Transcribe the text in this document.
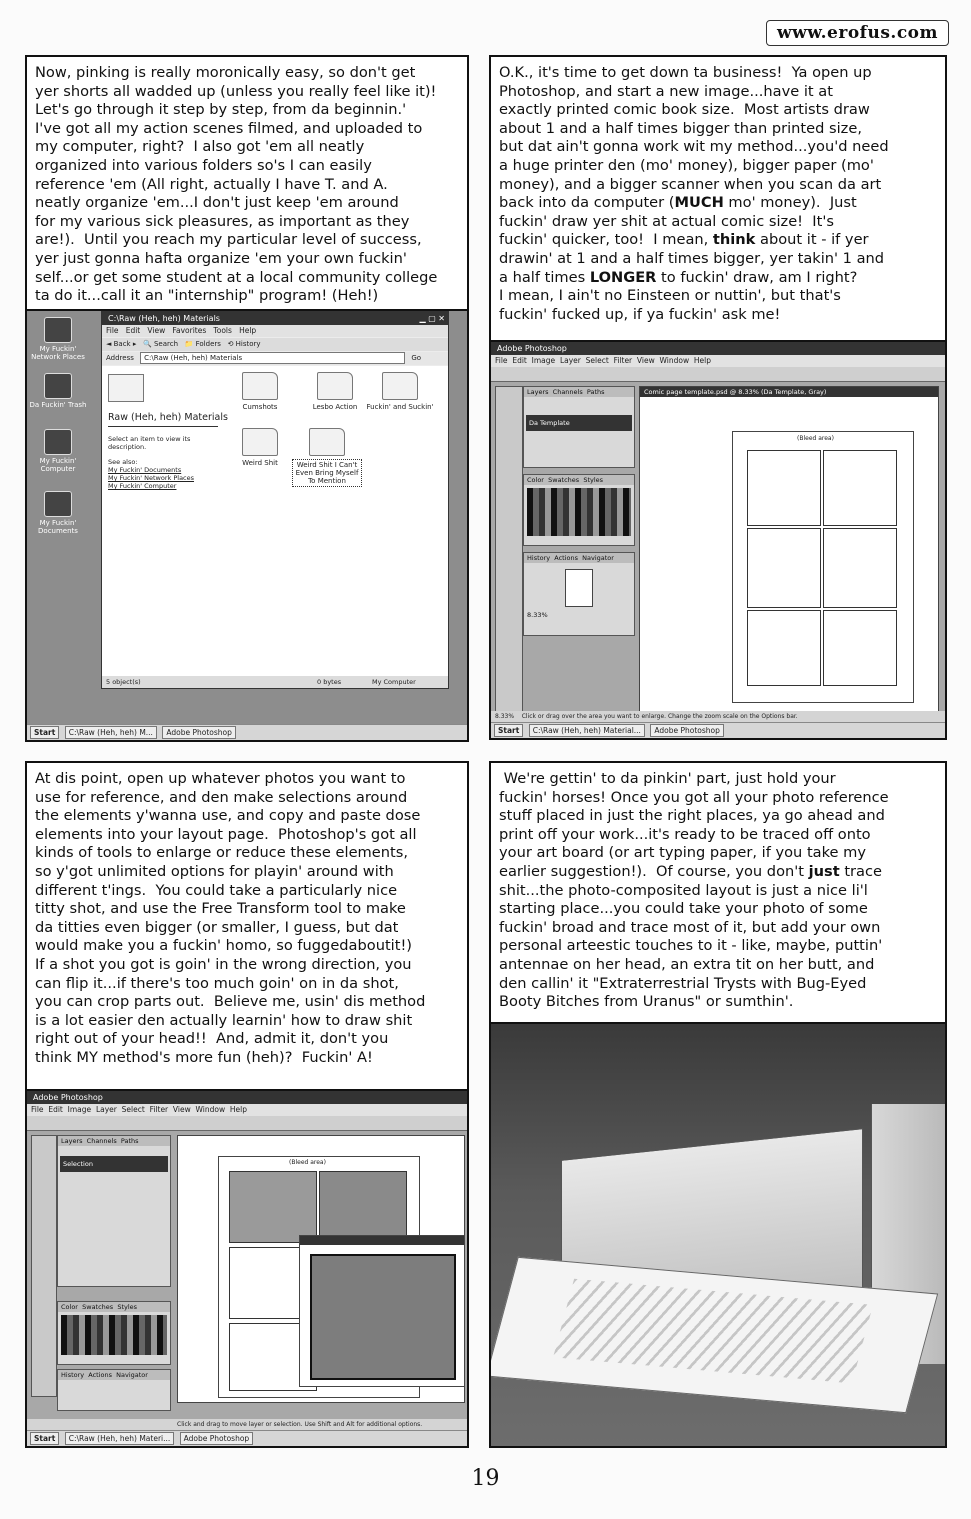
www.erofus.com
Now, pinking is really moronically easy, so don't get
yer shorts all wadded up (unless you really feel like it)!
Let's go through it step by step, from da beginnin.'
I've got all my action scenes filmed, and uploaded to
my computer, right?  I also got 'em all neatly
organized into various folders so's I can easily
reference 'em (All right, actually I have T. and A.
neatly organize 'em...I don't just keep 'em around
for my various sick pleasures, as important as they
are!).  Until you reach my particular level of success,
yer just gonna hafta organize 'em your own fuckin'
self...or get some student at a local community college
ta do it...call it an "internship" program! (Heh!)
My Fuckin' Network Places
Da Fuckin' Trash
My Fuckin' Computer
My Fuckin' Documents
C:\Raw (Heh, heh) Materials	▁ ▢ ✕
File Edit View Favorites Tools Help
◄ Back ▸   🔍 Search   📁 Folders   ⟲ History
Address C:\Raw (Heh, heh) Materials	Go
Raw (Heh, heh) Materials
Select an item to view its description.
See also:
My Fuckin' Documents
My Fuckin' Network Places
My Fuckin' Computer
Cumshots	Lesbo Action	Fuckin' and Suckin'
Weird Shit	Weird Shit I Can't Even Bring Myself To Mention
5 object(s)	0 bytes	My Computer
Start C:\Raw (Heh, heh) M... Adobe Photoshop
O.K., it's time to get down ta business!  Ya open up
Photoshop, and start a new image...have it at
exactly printed comic book size.  Most artists draw
about 1 and a half times bigger than printed size,
but dat ain't gonna work wit my method...you'd need
a huge printer den (mo' money), bigger paper (mo'
money), and a bigger scanner when you scan da art
back into da computer (MUCH mo' money).  Just
fuckin' draw yer shit at actual comic size!  It's
fuckin' quicker, too!  I mean, think about it - if yer
drawin' at 1 and a half times bigger, yer takin' 1 and
a half times LONGER to fuckin' draw, am I right?
I mean, I ain't no Einsteen or nuttin', but that's
fuckin' fucked up, if ya fuckin' ask me!
Adobe Photoshop
File Edit Image Layer Select Filter View Window Help
Layers Channels Paths
Da Template
Color Swatches Styles
History Actions Navigator
8.33%
Comic page template.psd @ 8.33% (Da Template, Gray)
(Bleed area)
8.33% Click or drag over the area you want to enlarge. Change the zoom scale on the Options bar.
Start C:\Raw (Heh, heh) Material... Adobe Photoshop
At dis point, open up whatever photos you want to
use for reference, and den make selections around
the elements y'wanna use, and copy and paste dose
elements into your layout page.  Photoshop's got all
kinds of tools to enlarge or reduce these elements,
so y'got unlimited options for playin' around with
different t'ings.  You could take a particularly nice
titty shot, and use the Free Transform tool to make
da titties even bigger (or smaller, I guess, but dat
would make you a fuckin' homo, so fuggedaboutit!)
If a shot you got is goin' in the wrong direction, you
can flip it...if there's too much goin' on in da shot,
you can crop parts out.  Believe me, usin' dis method
is a lot easier den actually learnin' how to draw shit
right out of your head!!  And, admit it, don't you
think MY method's more fun (heh)?  Fuckin' A!
Adobe Photoshop
File Edit Image Layer Select Filter View Window Help
Layers Channels Paths
Selection
Color Swatches Styles
History Actions Navigator
(Bleed area)
Click and drag to move layer or selection. Use Shift and Alt for additional options.
Start C:\Raw (Heh, heh) Materi... Adobe Photoshop
We're gettin' to da pinkin' part, just hold your
fuckin' horses! Once you got all your photo reference
stuff placed in just the right places, ya go ahead and
print off your work...it's ready to be traced off onto
your art board (or art typing paper, if you take my
earlier suggestion!).  Of course, you don't just trace
shit...the photo-composited layout is just a nice li'l
starting place...you could take your photo of some
fuckin' broad and trace most of it, but add your own
personal arteestic touches to it - like, maybe, puttin'
antennae on her head, an extra tit on her butt, and
den callin' it "Extraterrestrial Trysts with Bug-Eyed
Booty Bitches from Uranus" or sumthin'.
19
